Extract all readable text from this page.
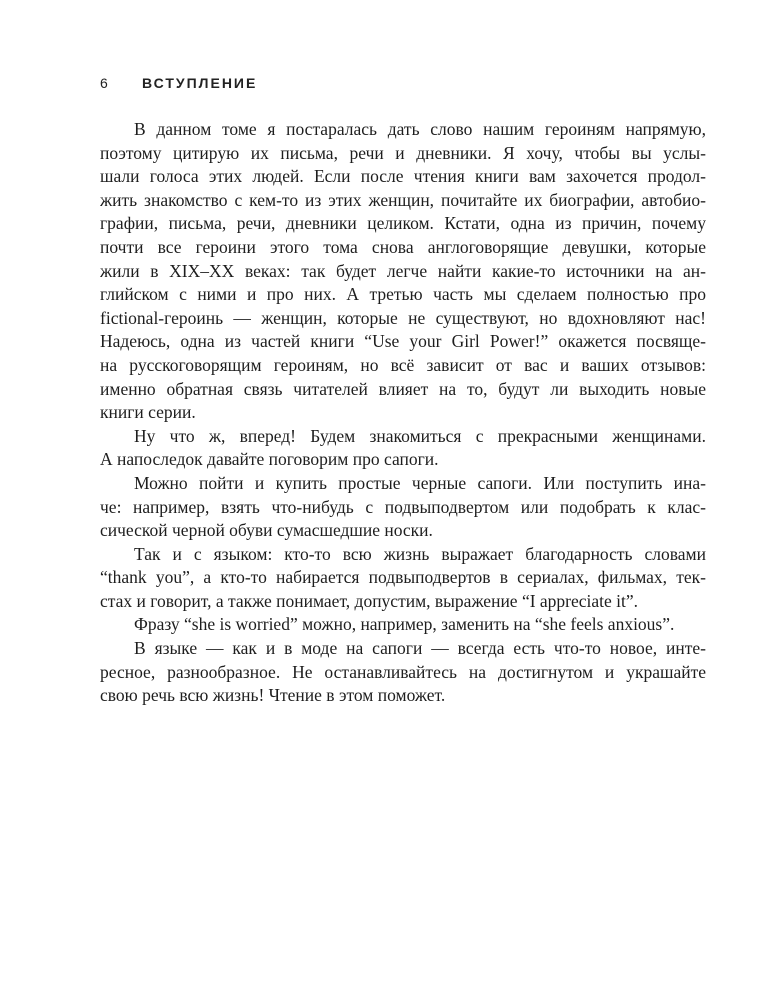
6 ВСТУПЛЕНИЕ

В данном томе я постаралась дать слово нашим героиням напрямую,
поэтому цитирую их письма, речи и дневники. Я хочу, чтобы вы услы-
шали голоса этих людей. Если после чтения книги вам захочется продол-
жить знакомство с кем-то из этих женщин, почитайте их биографии, автобио-
графии, письма, речи, дневники целиком. Кстати, одна из причин, почему
почти все героини этого тома снова англоговорящие девушки, которые
жили в XIX–XX веках: так будет легче найти какие-то источники на ан-
глийском с ними и про них. А третью часть мы сделаем полностью про
fictional-героинь — женщин, которые не существуют, но вдохновляют нас!
Надеюсь, одна из частей книги “Use your Girl Power!” окажется посвяще-
на русскоговорящим героиням, но всё зависит от вас и ваших отзывов:
именно обратная связь читателей влияет на то, будут ли выходить новые
книги серии.

Ну что ж, вперед! Будем знакомиться с прекрасными женщинами.
А напоследок давайте поговорим про сапоги.

Можно пойти и купить простые черные сапоги. Или поступить ина-
че: например, взять что-нибудь с подвыподвертом или подобрать к клас-
сической черной обуви сумасшедшие носки.

Так и с языком: кто-то всю жизнь выражает благодарность словами
“thank you”, а кто-то набирается подвыподвертов в сериалах, фильмах, тек-
стах и говорит, а также понимает, допустим, выражение “I appreciate it”.

Фразу “she is worried” можно, например, заменить на “she feels anxious”.

В языке — как и в моде на сапоги — всегда есть что-то новое, инте-
ресное, разнообразное. Не останавливайтесь на достигнутом и украшайте
свою речь всю жизнь! Чтение в этом поможет.
